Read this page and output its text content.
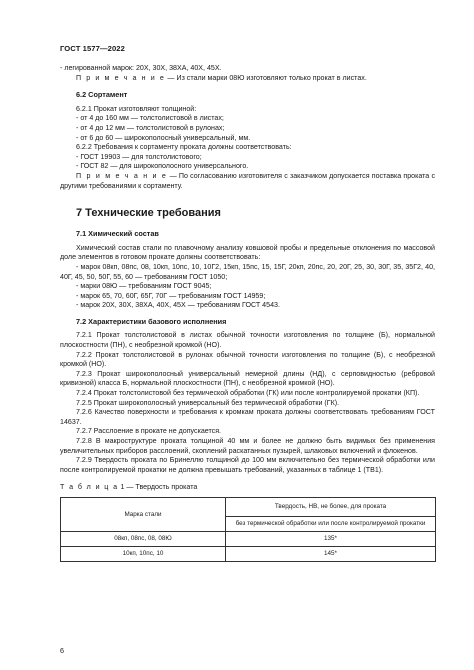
ГОСТ 1577—2022

- легированной марок: 20Х, 30Х, 38ХА, 40Х, 45Х.

П р и м е ч а н и е — Из стали марки 08Ю изготовляют только прокат в листах.

6.2 Сортамент

6.2.1 Прокат изготовляют толщиной:

- от 4 до 160 мм — толстолистовой в листах;

- от 4 до 12 мм — толстолистовой в рулонах;

- от 6 до 60 — широкополосный универсальный, мм.

6.2.2 Требования к сортаменту проката должны соответствовать:

- ГОСТ 19903 — для толстолистового;

- ГОСТ 82 — для широкополосного универсального.

П р и м е ч а н и е — По согласованию изготовителя с заказчиком допускается поставка проката с другими требованиями к сортаменту.

7 Технические требования

7.1 Химический состав

Химический состав стали по плавочному анализу ковшовой пробы и предельные отклонения по массовой доле элементов в готовом прокате должны соответствовать:

- марок 08кп, 08пс, 08, 10кп, 10пс, 10, 10Г2, 15кп, 15пс, 15, 15Г, 20кп, 20пс, 20, 20Г, 25, 30, 30Г, 35, 35Г2, 40, 40Г, 45, 50, 50Г, 55, 60 — требованиям ГОСТ 1050;

- марки 08Ю — требованиям ГОСТ 9045;

- марок 65, 70, 60Г, 65Г, 70Г — требованиям ГОСТ 14959;

- марок 20Х, 30Х, 38ХА, 40Х, 45Х — требованиям ГОСТ 4543.

7.2 Характеристики базового исполнения

7.2.1 Прокат толстолистовой в листах обычной точности изготовления по толщине (Б), нормальной плоскостности (ПН), с необрезной кромкой (НО).

7.2.2 Прокат толстолистовой в рулонах обычной точности изготовления по толщине (Б), с необрезной кромкой (НО).

7.2.3 Прокат широкополосный универсальный немерной длины (НД), с серповидностью (ребровой кривизной) класса Б, нормальной плоскостности (ПН), с необрезной кромкой (НО).

7.2.4 Прокат толстолистовой без термической обработки (ГК) или после контролируемой прокатки (КП).

7.2.5 Прокат широкополосный универсальный без термической обработки (ГК).

7.2.6 Качество поверхности и требования к кромкам проката должны соответствовать требованиям ГОСТ 14637.

7.2.7 Расслоение в прокате не допускается.

7.2.8 В макроструктуре проката толщиной 40 мм и более не должно быть видимых без применения увеличительных приборов расслоений, скоплений раскатанных пузырей, шлаковых включений и флокенов.

7.2.9 Твердость проката по Бринеллю толщиной до 100 мм включительно без термической обработки или после контролируемой прокатки не должна превышать требований, указанных в таблице 1 (ТВ1).

Т а б л и ц а 1 — Твердость проката

Марка стали	Твердость, НВ, не более, для проката
	без термической обработки или после контролируемой прокатки
08кп, 08пс, 08, 08Ю	135*
10кп, 10пс, 10	145*
6
